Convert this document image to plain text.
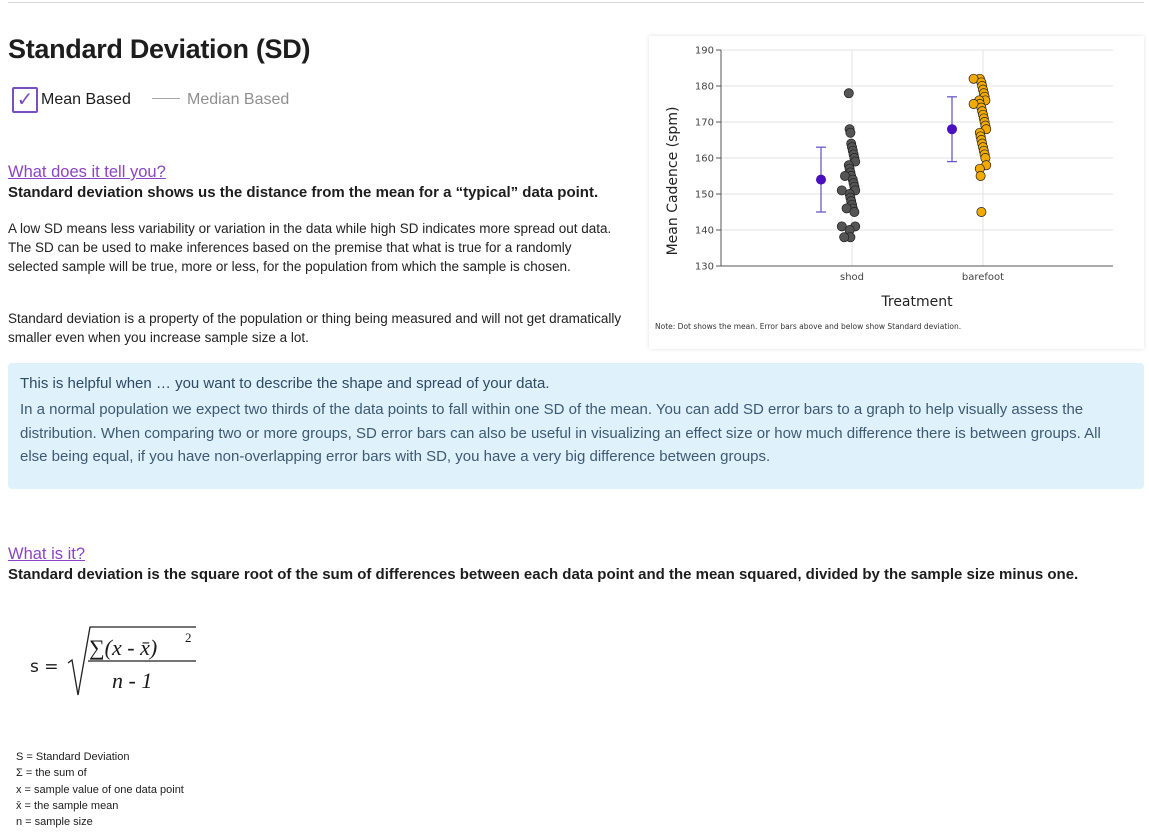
Standard Deviation (SD)
✓ Mean Based	Median Based
What does it tell you?
Standard deviation shows us the distance from the mean for a “typical” data point.

A low SD means less variability or variation in the data while high SD indicates more spread out data. The SD can be used to make inferences based on the premise that what is true for a randomly selected sample will be true, more or less, for the population from which the sample is chosen.

Standard deviation is a property of the population or thing being measured and will not get dramatically smaller even when you increase sample size a lot.

130
140
150
160
170
180
190
shod	barefoot
Mean Cadence (spm)
Treatment
Note: Dot shows the mean. Error bars above and below show Standard deviation.

This is helpful when … you want to describe the shape and spread of your data.

In a normal population we expect two thirds of the data points to fall within one SD of the mean. You can add SD error bars to a graph to help visually assess the distribution. When comparing two or more groups, SD error bars can also be useful in visualizing an effect size or how much difference there is between groups. All else being equal, if you have non-overlapping error bars with SD, you have a very big difference between groups.

What is it?
Standard deviation is the square root of the sum of differences between each data point and the mean squared, divided by the sample size minus one.
s =
∑(x - x̄) 2
n - 1
S = Standard Deviation
Σ = the sum of
x = sample value of one data point
x̄ = the sample mean
n = sample size
